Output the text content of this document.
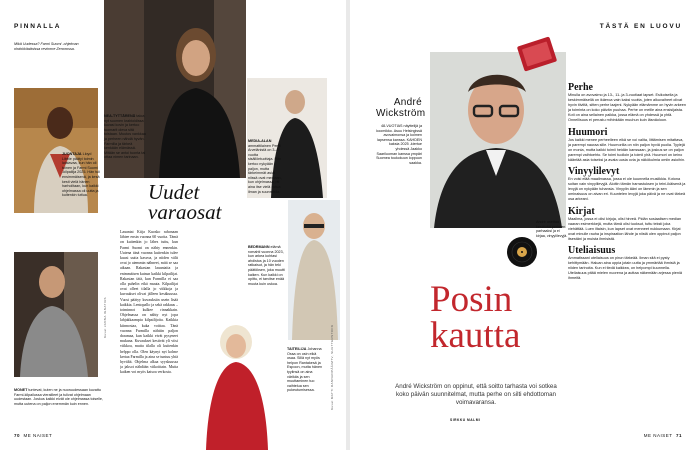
PINNALLA
Mikä Uudessa? Farmi Suomi -ohjelman ohdokkitaitoissa revimme Zenorossa.
JUONTAJA Lloyd Libbie päätyi toimin loistavaa, kun hän oli toinen ja Farmi Suomi -kilpailija 2025. Hän tuli ensimmäisenä, ja kesä kesti vielä hänen harhoiltaan, kun kaikki ohjelmassa oli uutta ja kuitenkin tuttua.
NEA-TYTTÄRENÄ taloa nyt suomen krabioidissa kuvasi kovin ja kertoo tuomarit oleva sitä toistaan. Muutos vankkaa ja perheen nähdä hyvän. Farmilla ja tärkeä kenkään elämässä. Mitään se antoi tuonta tai ottaa nimen tarinaan.
Uudet
varaosat
Lauantai Kiija Kuosko rahonaan lähtee ensin vuonna 60 vuotta. Tämä on kuitenkin jo lähes tuttu, kun Farmi Suomi on nähty ennenkin. Uutena tänä vuonna kuitenkin tulee kuusi uutta kasvoa, ja niiden välit ovat jo aiemmin nähneet, mitä se saa aikaan. Rakastan lauantaita ja enimmäisen kutsun kaikki kilpailijat. Rakastan tätä, kun Farmilla ei saa olla puhelin eikä muuta. Kilpailijat ovat olleet tilalla jo viikkoja ja kuvaukset olivat jälleen kesäkuussa. Vuosi päätyy kuvauksiin usein lisää kaikkia. Lentopallo ja sekä rakkaus – toiminnot kulkee rinnakkain. Ohjelmassa on nähty nyt jopa lahjakkaampia kilpailijoita. Kaikkia kiinnostaa, kuka voittaa. Tänä vuonna Farmilla nähtiin paljon draamaa, kun kaikki eivät pysyneet mukana. Kuvaukset kestivät yli viisi viikkoa, mutta tilalla oli kuitenkin helppo olla. Olen käynyt nyt kolme kertaa Farmilla ja aina se tuntuu yhtä hyvältä. Ohjelma alkaa syyskuussa ja jaksot nähdään viikoittain. Mutta kaiken voi myös katsoa verkosta.
MEDIA-ALAN ammattilainen Pertti Arvelänistä on 3–4 vuotta sisällöntuottaja. Hän kertoo nykyään paljon, mutta tärkeimmät asiat niissä ovat mediaan, kun ohjelmassa piti aina itse vielä astua ilman ja suunnitella.
BEDRMANN elämä romahti vuonna 2023, kun arkea kohtasi ahdistus ja 10 vuoden ratkaisut, ja hän teki päätöksen, joka muutti kaiken. Kun kaikki on opittu, ei tarvitse enää muuta kuin uskoa.
MONET tuntevat, kuten ne ja nuoruudessaan kuvattu Farmi-kilpailussa vierailleet ja tulivat ohjelmaan uudestaan. Joskus kaikki eivät ole ohjelmassa toiselle, mutta uutena on paljon enemmän kuin ennen.
Kuvat JANNA IGNATIUS
TAITEILIJA Johanna Ossa on osin eikä osaa. Sillä nyt myös helpon Rantakesä ja Espoon, mutta hänen tyylinsä on aina värikäs ja sen muuttaminen tuo vaihtelua sen pukeutumisessa.	Kuvat MATTI RANNANPÄÄ/MTV, SHUTTERSTOCK
70 ME NAISET
TÄSTÄ EN LUOVU
André
Wickström
48-VUOTIAS näyttelijä ja koomikko. Asuu Helsingissä avovaimonsa ja kolmen lapsensa kanssa. KAHDEN kaksia 2025 -kiertue yhdessä Jaakko Saariluoman kanssa ympäri Suomea toukokuun loppuun saakka.
André asettaa kestävää perheen parhaaksi ja ei kirjaa, vinyylilevyjä.
Posin
kautta
André Wickström on oppinut, että soitto tarhasta voi sotkea koko päivän suunnitelmat, mutta perhe on silti ehdottoman voimavaransa.
SIRKKU MALMI
Perhe
Minulla on avovaimo ja 13-, 11- ja 3-vuotiaat lapset. Esikoisella ja keskimmäisellä on ikäeroa vain kaksi vuotta, joten alkuvaiheet olivat hyvin tiiviitä, sitten perhe laajeni. Nykyään elämämme on hyvin arkeen ja toiminta on koko päivän puuhaa. Perhe on meille aina ensisijaista. Koti on aina sellainen paikka, jossa elämä on yhdessä ja yhtä. Onnellisuus ei perustu mihinkään muuhun kuin läsnäoloon.
Huumori
Jos kaikki menee perheelleen eikä se voi valita, liittämisen mitattava, ja parempi nauraa sille. Huumorilla on niin paljon hyviä puolia. Tyylejä on monia, mutta kaikki toimii heidän kanssaan, ja joskus se on paljon parempi vaihtoehto. Se toimi tuolloin ja toimii yhä. Huumori on keino kääntää asia toiseksi ja avata uusia ovia ja näkökulmia omiin asioihin.
Vinyylilevyt
En voisi elää maailmassa, jossa ei ole kuunnella musiikkia. Kotona soitan vain vinyylilevyjä. Aloitin tämän harrastuksen jo teini-ikäisenä ja levyjä on nykyään tuhansia. Vinyylin ääni on lämmin ja sen ominaisuus on aivan eri. Kuuntelen levyjä joka päivä ja ne ovat tärkeä osa arkeani.
Kirjat
Maailma, jossa ei olisi kirjoja, olisi hirveä. Pidän sosiaalisen median vaaran esimerkkejä, mutta tämä olisi tuoksut, tuttu teksti joka viehättää. Luen iltaisin, kun lapset ovat menneet nukkumaan. Kirjat ovat minulle rauha ja inspiraation lähde ja niistä olen oppinut paljon itsestäni ja muista ihmisistä.
Uteliaisuus
Ammatissani uteliaisuus on pirun tärkeää. Ilman sitä ei pysty kehittymään. Haluan aina oppia jotain uutta ja ymmärtää ihmisiä ja niiden tarinoita. Kun ei tiedä kaikkea, on helpompi kuunnella. Uteliaisuus pitää mielen nuorena ja auttaa näkemään arjessa pieniä ihmeitä.
ME NAISET 71
